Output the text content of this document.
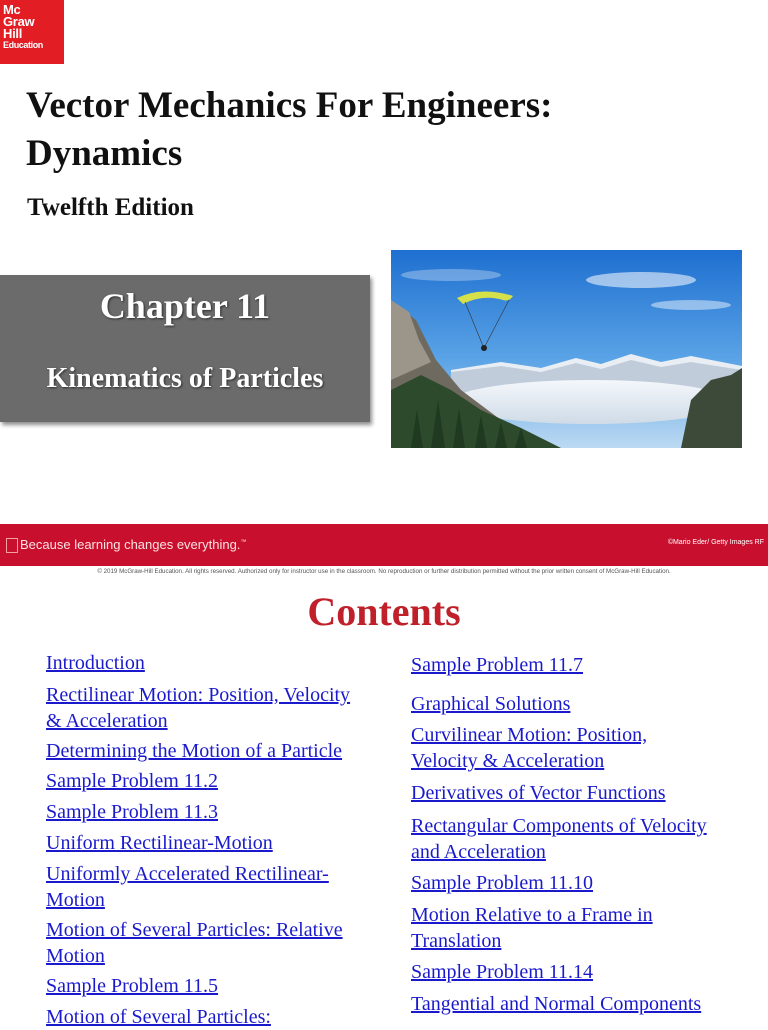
Mc
Graw
Hill
Education
Vector Mechanics For Engineers:
Dynamics

Twelfth Edition

Chapter 11
Kinematics of Particles
Because learning changes everything.™	©Mario Eder/ Getty Images RF
© 2019 McGraw-Hill Education. All rights reserved. Authorized only for instructor use in the classroom. No reproduction or further distribution permitted without the prior written consent of McGraw-Hill Education.
Contents
Introduction
Rectilinear Motion: Position, Velocity
& Acceleration
Determining the Motion of a Particle
Sample Problem 11.2
Sample Problem 11.3
Uniform Rectilinear-Motion
Uniformly Accelerated Rectilinear-
Motion
Motion of Several Particles: Relative
Motion
Sample Problem 11.5
Motion of Several Particles:
Sample Problem 11.7
Graphical Solutions
Curvilinear Motion: Position,
Velocity & Acceleration
Derivatives of Vector Functions
Rectangular Components of Velocity
and Acceleration
Sample Problem 11.10
Motion Relative to a Frame in
Translation
Sample Problem 11.14
Tangential and Normal Components
